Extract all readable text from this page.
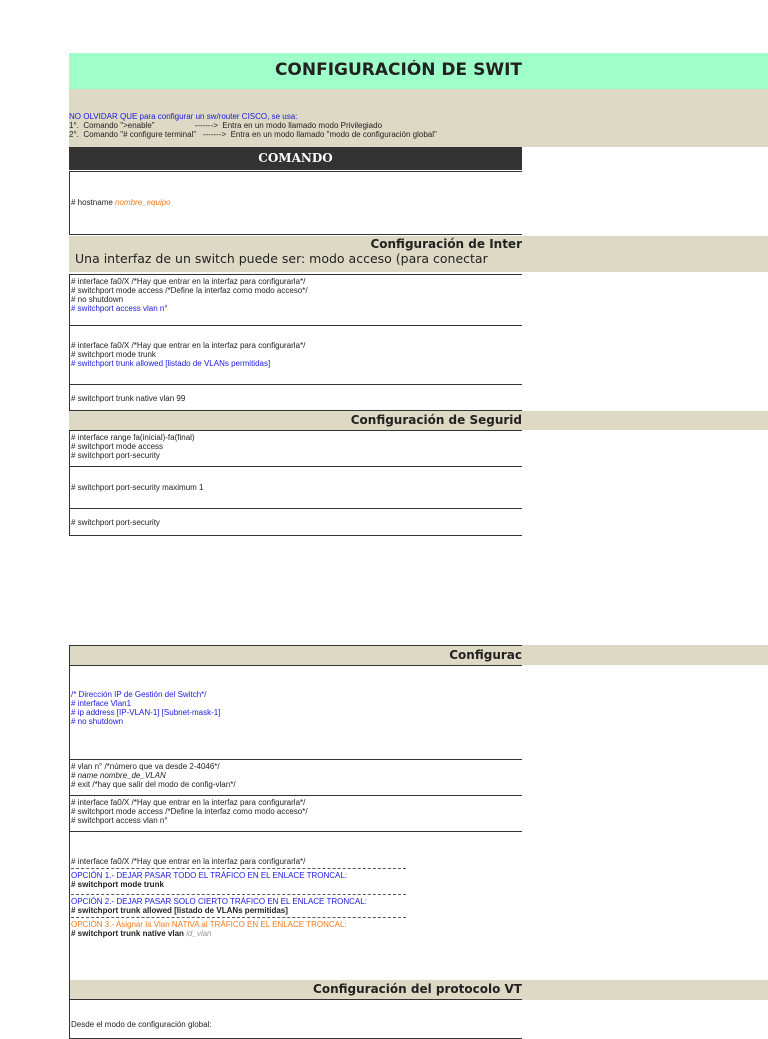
CONFIGURACIÓN DE SWIT
NO OLVIDAR QUE para configurar un sw/router CISCO, se usa:
1°.  Comando ">enable"                  ------->  Entra en un modo llamado modo Privilegiado
2°.  Comando "# configure terminal"   ------->  Entra en un modo llamado "modo de configuración global"
COMANDO
# hostname nombre_equipo
Configuración de Inter
Una interfaz de un switch puede ser: modo acceso (para conectar
# interface fa0/X /*Hay que entrar en la interfaz para configurarla*/
# switchport mode access /*Define la interfaz como modo acceso*/
# no shutdown
# switchport access vlan n°
# interface fa0/X /*Hay que entrar en la interfaz para configurarla*/
# switchport mode trunk
# switchport trunk allowed [listado de VLANs permitidas]
# switchport trunk native vlan 99
Configuración de Segurid
# interface range fa(inicial)-fa(final)
# switchport mode access
# switchport port-security
# switchport port-security maximum 1
# switchport port-security
Configurac
/* Dirección IP de Gestión del Switch*/
# interface Vlan1
# ip address [IP-VLAN-1] [Subnet-mask-1]
# no shutdown
# vlan n° /*número que va desde 2-4046*/
# name nombre_de_VLAN
# exit /*hay que salir del modo de config-vlan*/
# interface fa0/X /*Hay que entrar en la interfaz para configurarla*/
# switchport mode access /*Define la interfaz como modo acceso*/
# switchport access vlan n°
# interface fa0/X /*Hay que entrar en la interfaz para configurarla*/
OPCIÓN 1.- DEJAR PASAR TODO EL TRÁFICO EN EL ENLACE TRONCAL:
# switchport mode trunk
OPCIÓN 2.- DEJAR PASAR SOLO CIERTO TRÁFICO EN EL ENLACE TRONCAL:
# switchport trunk allowed [listado de VLANs permitidas]
OPCIÓN 3.- Asignar la Vlan NATIVA al TRÁFICO EN EL ENLACE TRONCAL:
# switchport trunk native vlan id_vlan
Configuración del protocolo VT
Desde el modo de configuración global:
